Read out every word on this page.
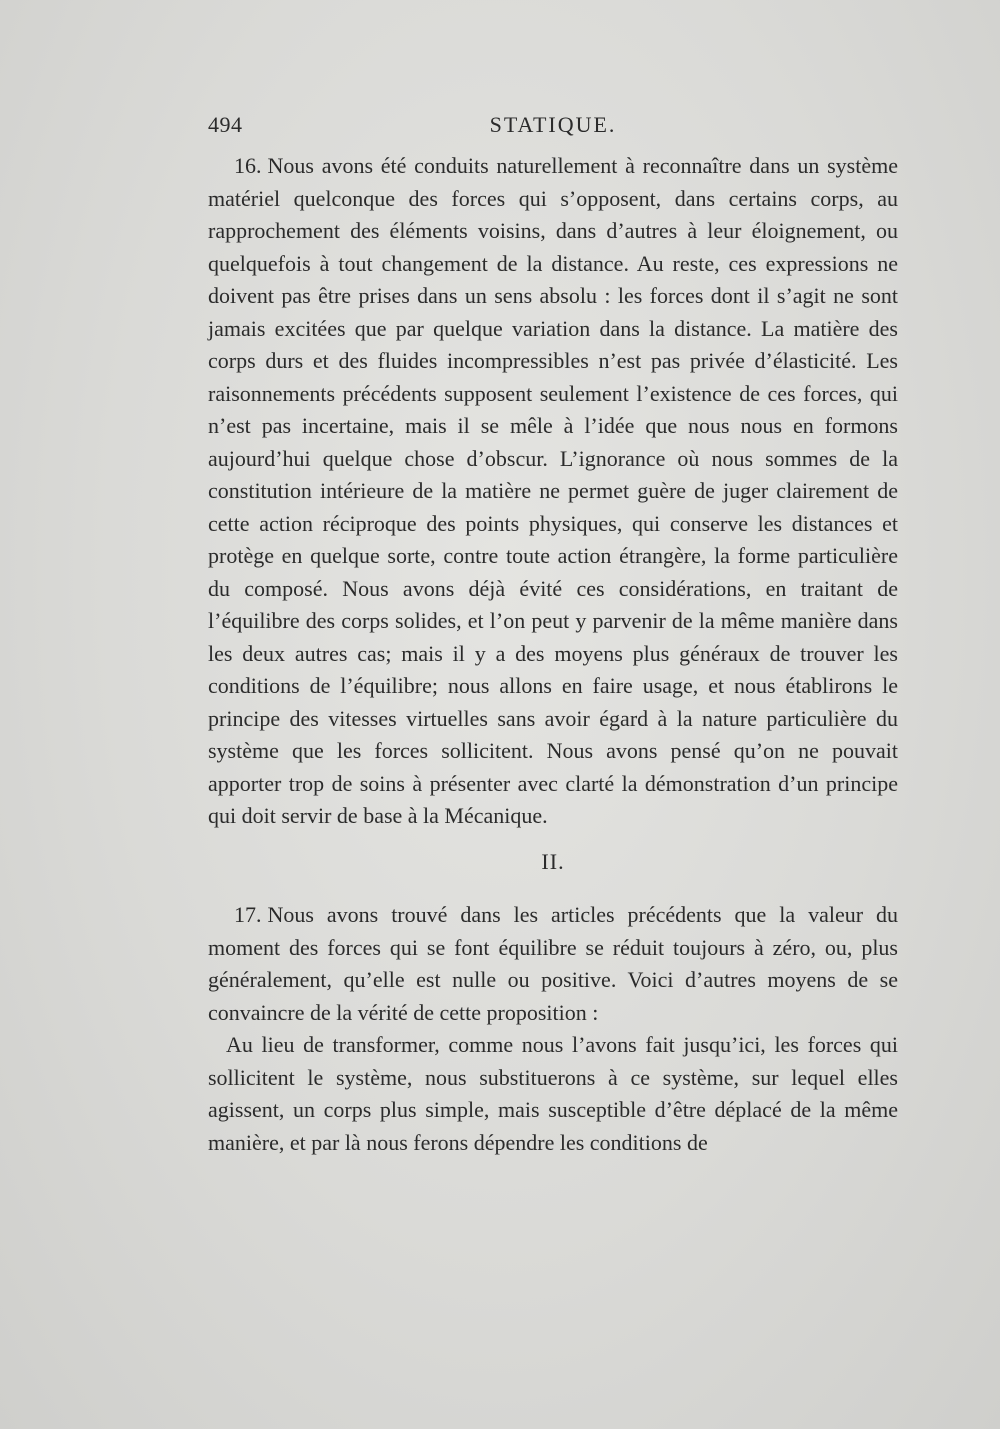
494	STATIQUE.

16. Nous avons été conduits naturellement à reconnaître dans un système matériel quelconque des forces qui s’opposent, dans certains corps, au rapprochement des éléments voisins, dans d’autres à leur éloignement, ou quelquefois à tout changement de la distance. Au reste, ces expressions ne doivent pas être prises dans un sens absolu : les forces dont il s’agit ne sont jamais excitées que par quelque variation dans la distance. La matière des corps durs et des fluides incompressibles n’est pas privée d’élasticité. Les raisonnements précédents supposent seulement l’existence de ces forces, qui n’est pas incertaine, mais il se mêle à l’idée que nous nous en formons aujourd’hui quelque chose d’obscur. L’ignorance où nous sommes de la constitution intérieure de la matière ne permet guère de juger clairement de cette action réciproque des points physiques, qui conserve les distances et protège en quelque sorte, contre toute action étrangère, la forme particulière du composé. Nous avons déjà évité ces considérations, en traitant de l’équilibre des corps solides, et l’on peut y parvenir de la même manière dans les deux autres cas; mais il y a des moyens plus généraux de trouver les conditions de l’équilibre; nous allons en faire usage, et nous établirons le principe des vitesses virtuelles sans avoir égard à la nature particulière du système que les forces sollicitent. Nous avons pensé qu’on ne pouvait apporter trop de soins à présenter avec clarté la démonstration d’un principe qui doit servir de base à la Mécanique.

II.

17. Nous avons trouvé dans les articles précédents que la valeur du moment des forces qui se font équilibre se réduit toujours à zéro, ou, plus généralement, qu’elle est nulle ou positive. Voici d’autres moyens de se convaincre de la vérité de cette proposition :

Au lieu de transformer, comme nous l’avons fait jusqu’ici, les forces qui sollicitent le système, nous substituerons à ce système, sur lequel elles agissent, un corps plus simple, mais susceptible d’être déplacé de la même manière, et par là nous ferons dépendre les conditions de
